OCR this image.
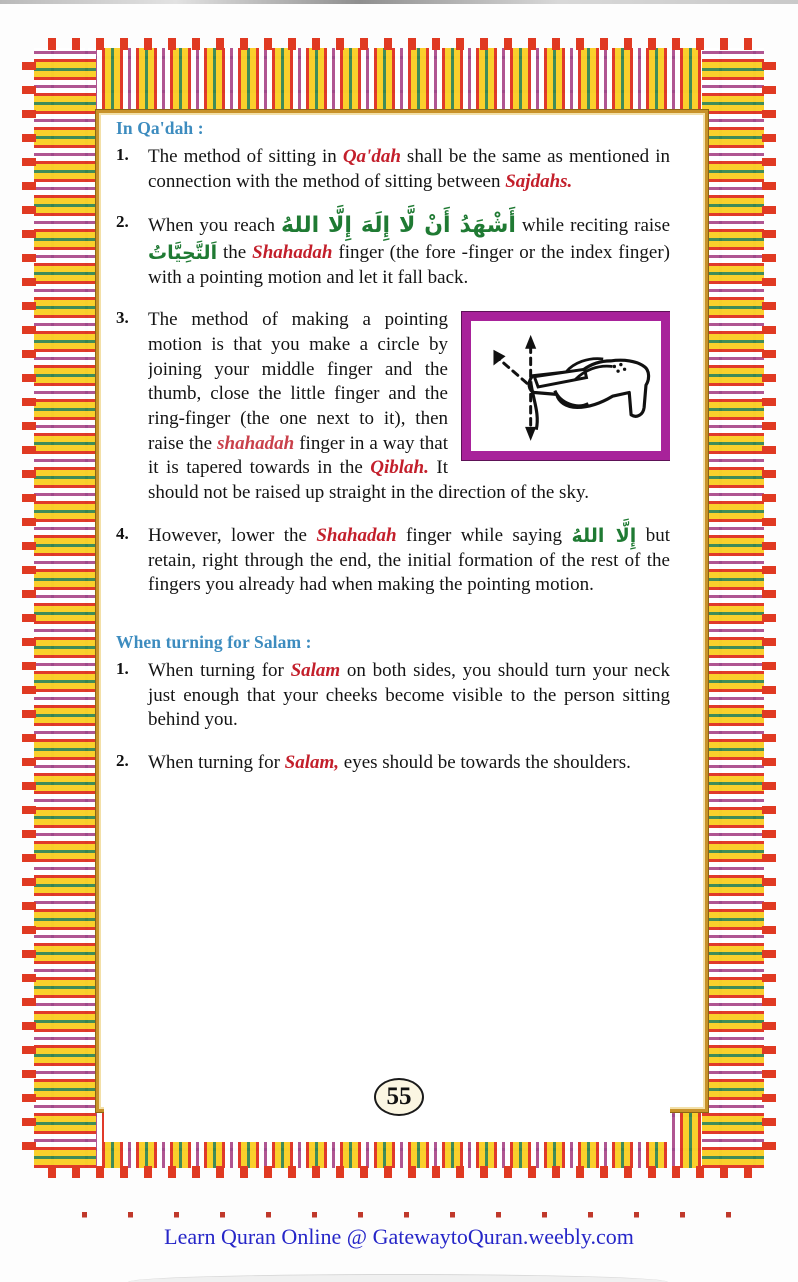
55
In Qa'dah :
1. The method of sitting in Qa'dah shall be the same as mentioned in connection with the method of sitting between Sajdahs.
2. When you reach أَشْهَدُ أَنْ لَّا إِلَهَ إِلَّا اللهُ while reciting raise اَلتَّحِيَّاتُ the Shahadah finger (the fore -finger or the index finger) with a pointing motion and let it fall back.
3. The method of making a pointing motion is that you make a circle by joining your middle finger and the thumb, close the little finger and the ring-finger (the one next to it), then raise the shahadah finger in a way that it is tapered towards in the Qiblah. It should not be raised up straight in the direction of the sky.
4. However, lower the Shahadah finger while saying إِلَّا اللهُ but retain, right through the end, the initial formation of the rest of the fingers you already had when making the pointing motion.
When turning for Salam :
1. When turning for Salam on both sides, you should turn your neck just enough that your cheeks become visible to the person sitting behind you.
2. When turning for Salam, eyes should be towards the shoulders.
Learn Quran Online @ GatewaytoQuran.weebly.com
